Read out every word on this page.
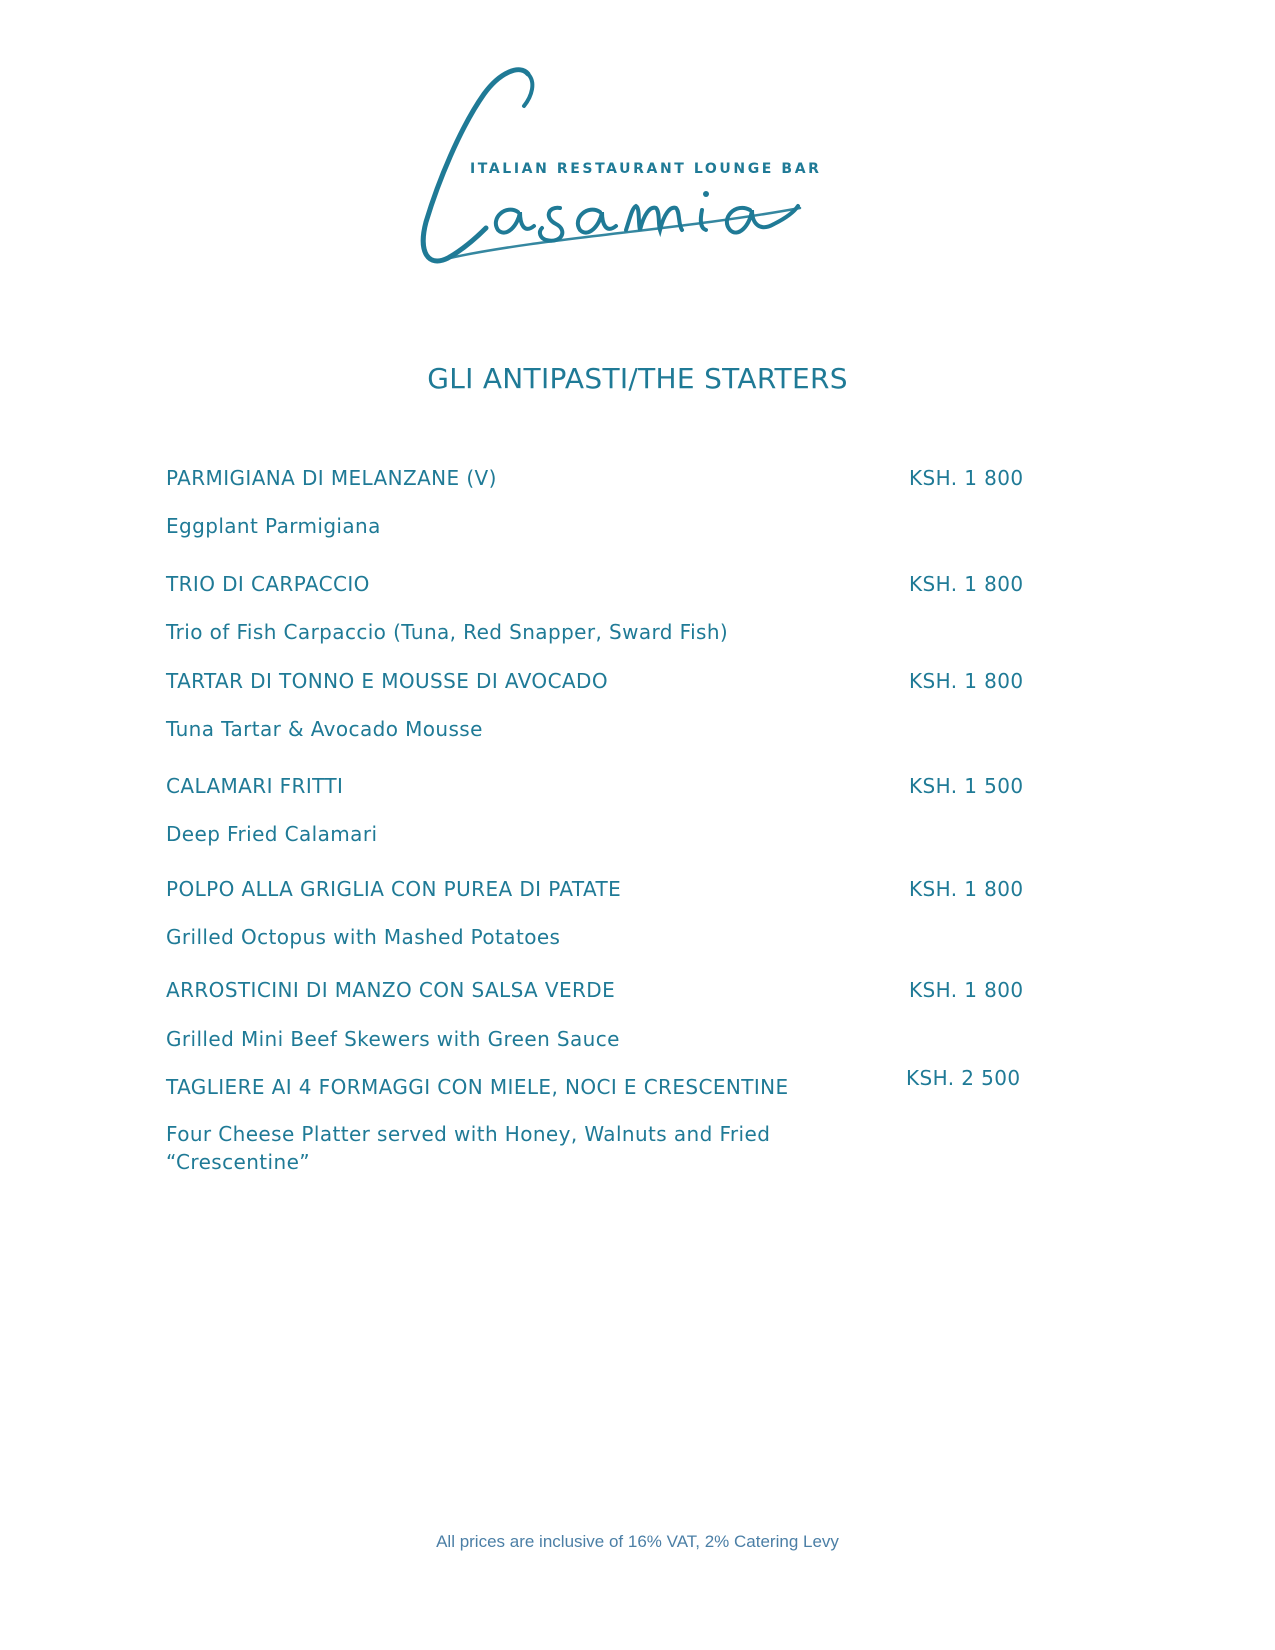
ITALIAN RESTAURANT LOUNGE BAR
GLI ANTIPASTI/THE STARTERS
PARMIGIANA DI MELANZANE (V)	KSH. 1 800
Eggplant Parmigiana
TRIO DI CARPACCIO	KSH. 1 800
Trio of Fish Carpaccio (Tuna, Red Snapper, Sward Fish)
TARTAR DI TONNO E MOUSSE DI AVOCADO	KSH. 1 800
Tuna Tartar & Avocado Mousse
CALAMARI FRITTI	KSH. 1 500
Deep Fried Calamari
POLPO ALLA GRIGLIA CON PUREA DI PATATE	KSH. 1 800
Grilled Octopus with Mashed Potatoes
ARROSTICINI DI MANZO CON SALSA VERDE	KSH. 1 800
Grilled Mini Beef Skewers with Green Sauce
TAGLIERE AI 4 FORMAGGI CON MIELE, NOCI E CRESCENTINE	KSH. 2 500
Four Cheese Platter served with Honey, Walnuts and Fried “Crescentine”
All prices are inclusive of 16% VAT, 2% Catering Levy
